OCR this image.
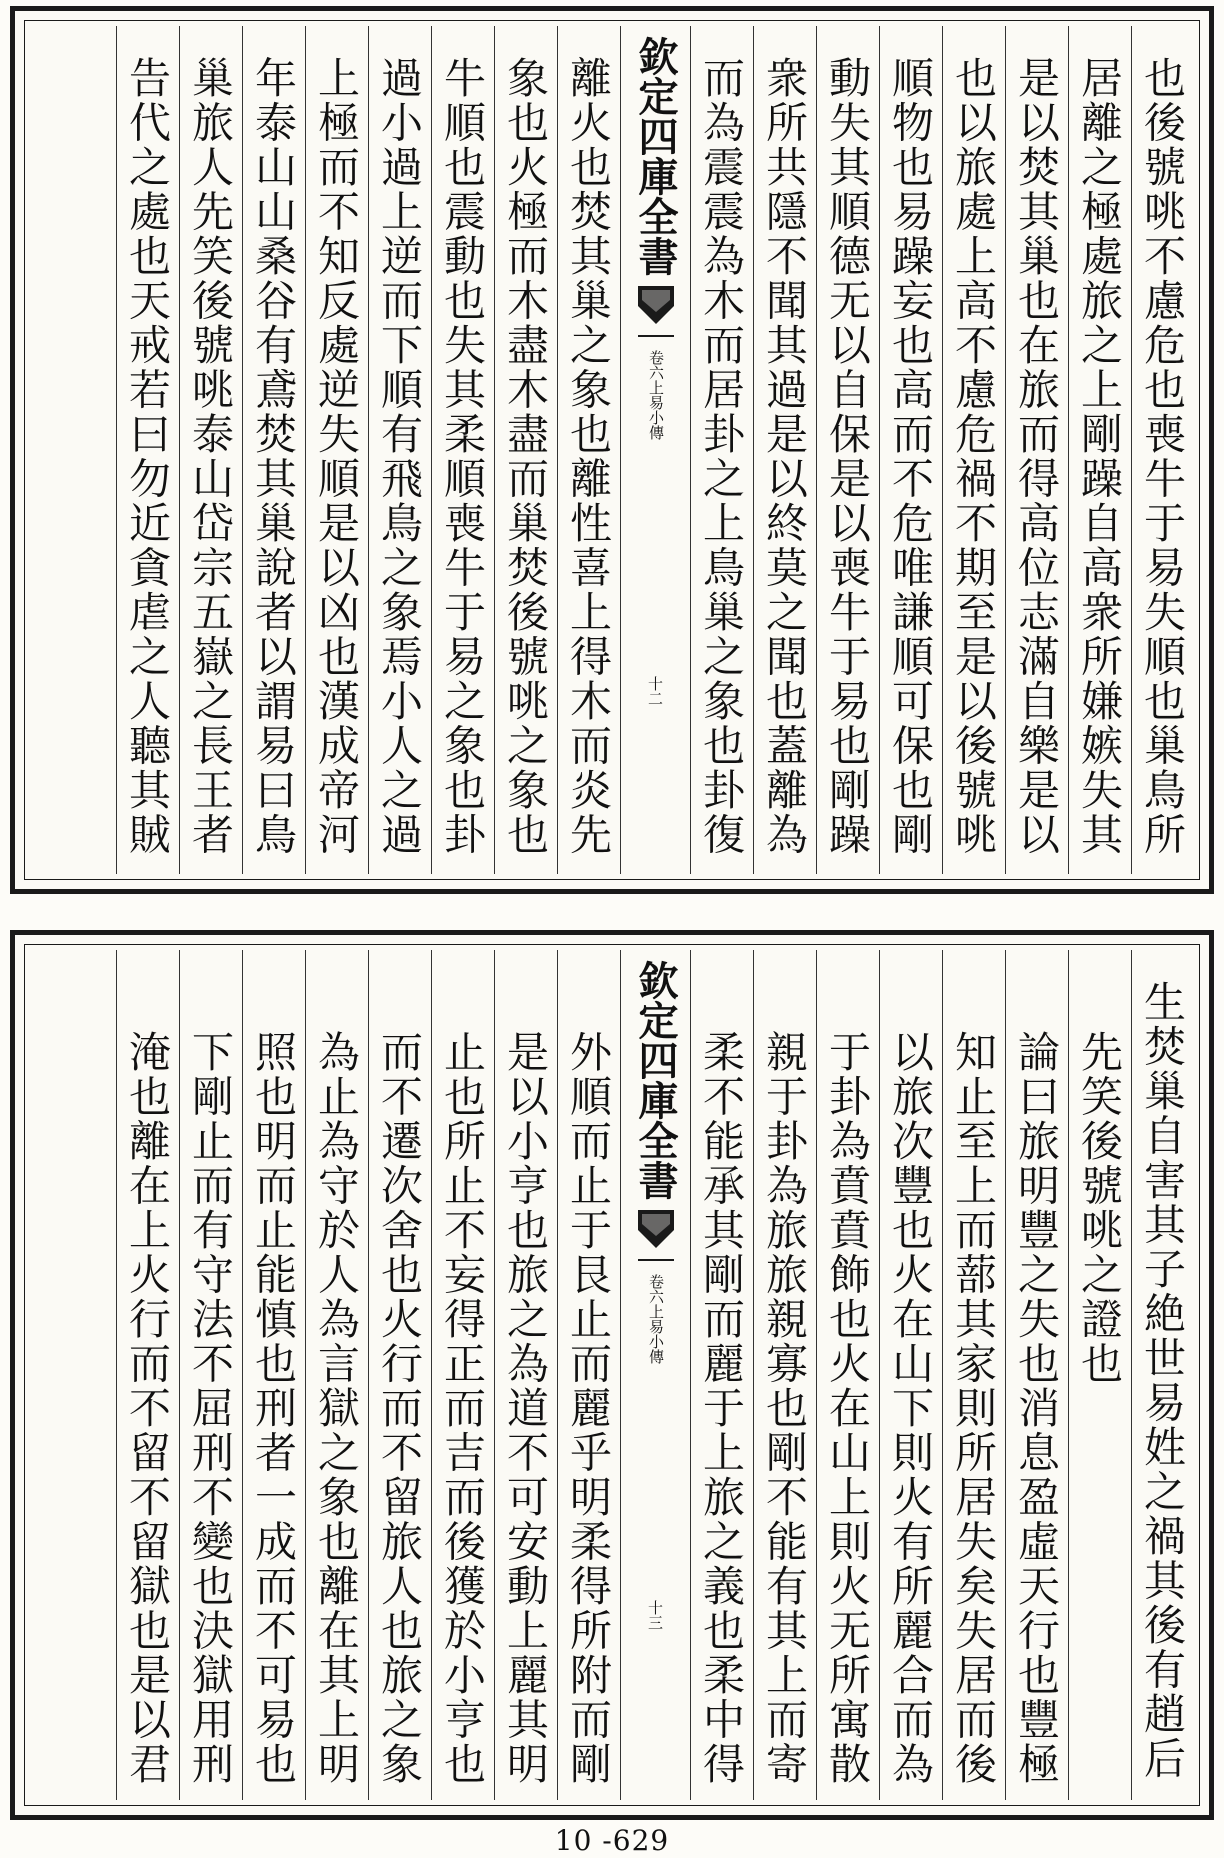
也後號咷不慮危也喪牛于易失順也巢鳥所
居離之極處旅之上剛躁自高衆所嫌嫉失其
是以焚其巢也在旅而得高位志滿自樂是以
也以旅處上高不慮危禍不期至是以後號咷
順物也易躁妄也高而不危唯謙順可保也剛
動失其順德无以自保是以喪牛于易也剛躁
衆所共隱不聞其過是以終莫之聞也蓋離為
而為震震為木而居卦之上鳥巢之象也卦復
欽定四庫全書
易小傳
卷六上
十二
離火也焚其巢之象也離性喜上得木而炎先
象也火極而木盡木盡而巢焚後號咷之象也
牛順也震動也失其柔順喪牛于易之象也卦
過小過上逆而下順有飛鳥之象焉小人之過
上極而不知反處逆失順是以凶也漢成帝河
年泰山山桑谷有鳶焚其巢說者以謂易曰鳥
巢旅人先笑後號咷泰山岱宗五嶽之長王者
告代之處也天戒若曰勿近貪虐之人聽其賊
生焚巢自害其子絶世易姓之禍其後有趙后
先笑後號咷之證也
論曰旅明豐之失也消息盈虛天行也豐極
知止至上而蔀其家則所居失矣失居而後
以旅次豐也火在山下則火有所麗合而為
于卦為賁賁飾也火在山上則火无所寓散
親于卦為旅旅親寡也剛不能有其上而寄
柔不能承其剛而麗于上旅之義也柔中得
欽定四庫全書
易小傳
卷六上
十三
外順而止于艮止而麗乎明柔得所附而剛
是以小亨也旅之為道不可安動上麗其明
止也所止不妄得正而吉而後獲於小亨也
而不遷次舍也火行而不留旅人也旅之象
為止為守於人為言獄之象也離在其上明
照也明而止能慎也刑者一成而不可易也
下剛止而有守法不屈刑不變也決獄用刑
淹也離在上火行而不留不留獄也是以君
10 -629
